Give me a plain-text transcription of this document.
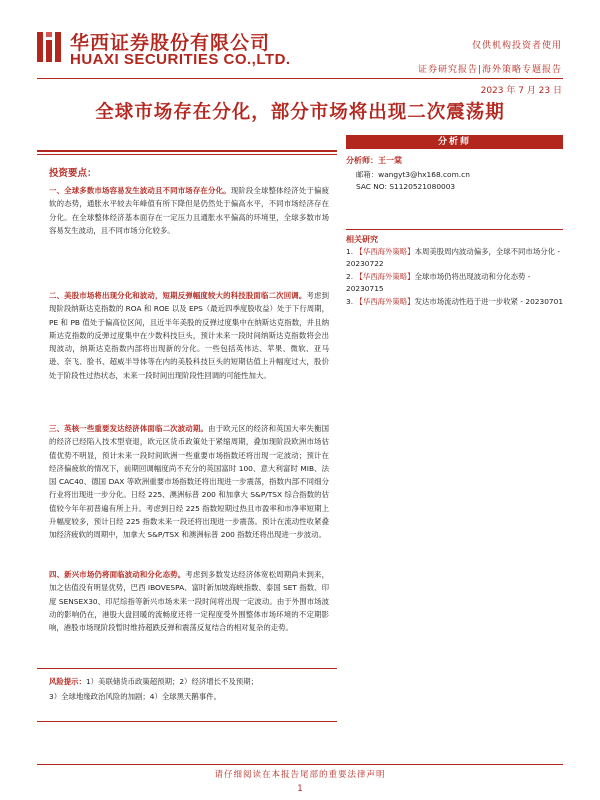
华西证券股份有限公司
HUAXI SECURITIES CO.,LTD.
仅供机构投资者使用
证券研究报告|海外策略专题报告
2023 年 7 月 23 日
全球市场存在分化，部分市场将出现二次震荡期
投资要点：
一、全球多数市场容易发生波动且不同市场存在分化。现阶段全球整体经济处于偏疲软的态势，通胀水平较去年峰值有所下降但是仍然处于偏高水平，不同市场经济存在分化。在全球整体经济基本面存在一定压力且通胀水平偏高的环境里，全球多数市场容易发生波动，且不同市场分化较多。
二、美股市场将出现分化和波动，短期反弹幅度较大的科技股面临二次回调。考虑到现阶段纳斯达克指数的 ROA 和 ROE 以及 EPS（最近四季度股收益）处于下行周期，PE 和 PB 值处于偏高位区间，且近半年美股的反弹过度集中在纳斯达克指数，并且纳斯达克指数的反弹过度集中在少数科技巨头，预计未来一段时间纳斯达克指数将会出现波动，纳斯达克指数内部将出现新的分化。一些包括英伟达、苹果、微软、亚马逊、奈飞、脸书、超威半导体等在内的美股科技巨头的短期估值上升幅度过大，股价处于阶段性过热状态，未来一段时间出现阶段性回调的可能性加大。
三、英核一些重要发达经济体面临二次波动期。由于欧元区的经济和英国大率失衡国的经济已经陷入技术型衰退，欧元区货币政策处于紧缩周期，叠加现阶段欧洲市场估值优势不明显，预计未来一段时间欧洲一些重要市场指数还将出现一定波动；预计在经济偏疲软的情况下，前期回调幅度尚不充分的英国富时 100、意大利富时 MIB、法国 CAC40、德国 DAX 等欧洲重要市场指数还将出现进一步震荡，指数内部不同细分行业将出现进一步分化。日经 225、澳洲标普 200 和加拿大 S&P/TSX 综合指数的估值较今年年初普遍有所上升。考虑到日经 225 指数短期过热且市盈率和市净率短期上升幅度较多，预计日经 225 指数未来一段还将出现进一步震荡。预计在流动性收紧叠加经济疲软的周期中，加拿大 S&P/TSX 和澳洲标普 200 指数还将出现进一步波动。
四、新兴市场仍将面临波动和分化态势。考虑到多数发达经济体宽松周期尚未到来，加之估值没有明显优势，巴西 IBOVESPA、富时新加坡海峡指数、泰国 SET 指数、印度 SENSEX30、印尼综指等新兴市场未来一段时间将出现一定波动。由于外围市场波动的影响仍在，港股大盘回暖的流畅度还将一定程度受外围整体市场环境的不定期影响，港股市场现阶段暂时维持超跌反弹和震荡反复结合的相对复杂的走势。
风险提示：1）美联储货币政策超预期；2）经济增长不及预期；
3）全球地缘政治风险的加剧；4）全球黑天鹅事件。
分析师
分析师：王一棠
邮箱：wangyt3@hx168.com.cn
SAC NO: S1120521080003
相关研究
1. 【华西海外策略】本周美股周内波动偏多，全球不同市场分化 - 20230722
2. 【华西海外策略】全球市场仍将出现波动和分化态势 - 20230715
3. 【华西海外策略】发达市场流动性趋于进一步收紧 - 20230701
请仔细阅读在本报告尾部的重要法律声明
1
